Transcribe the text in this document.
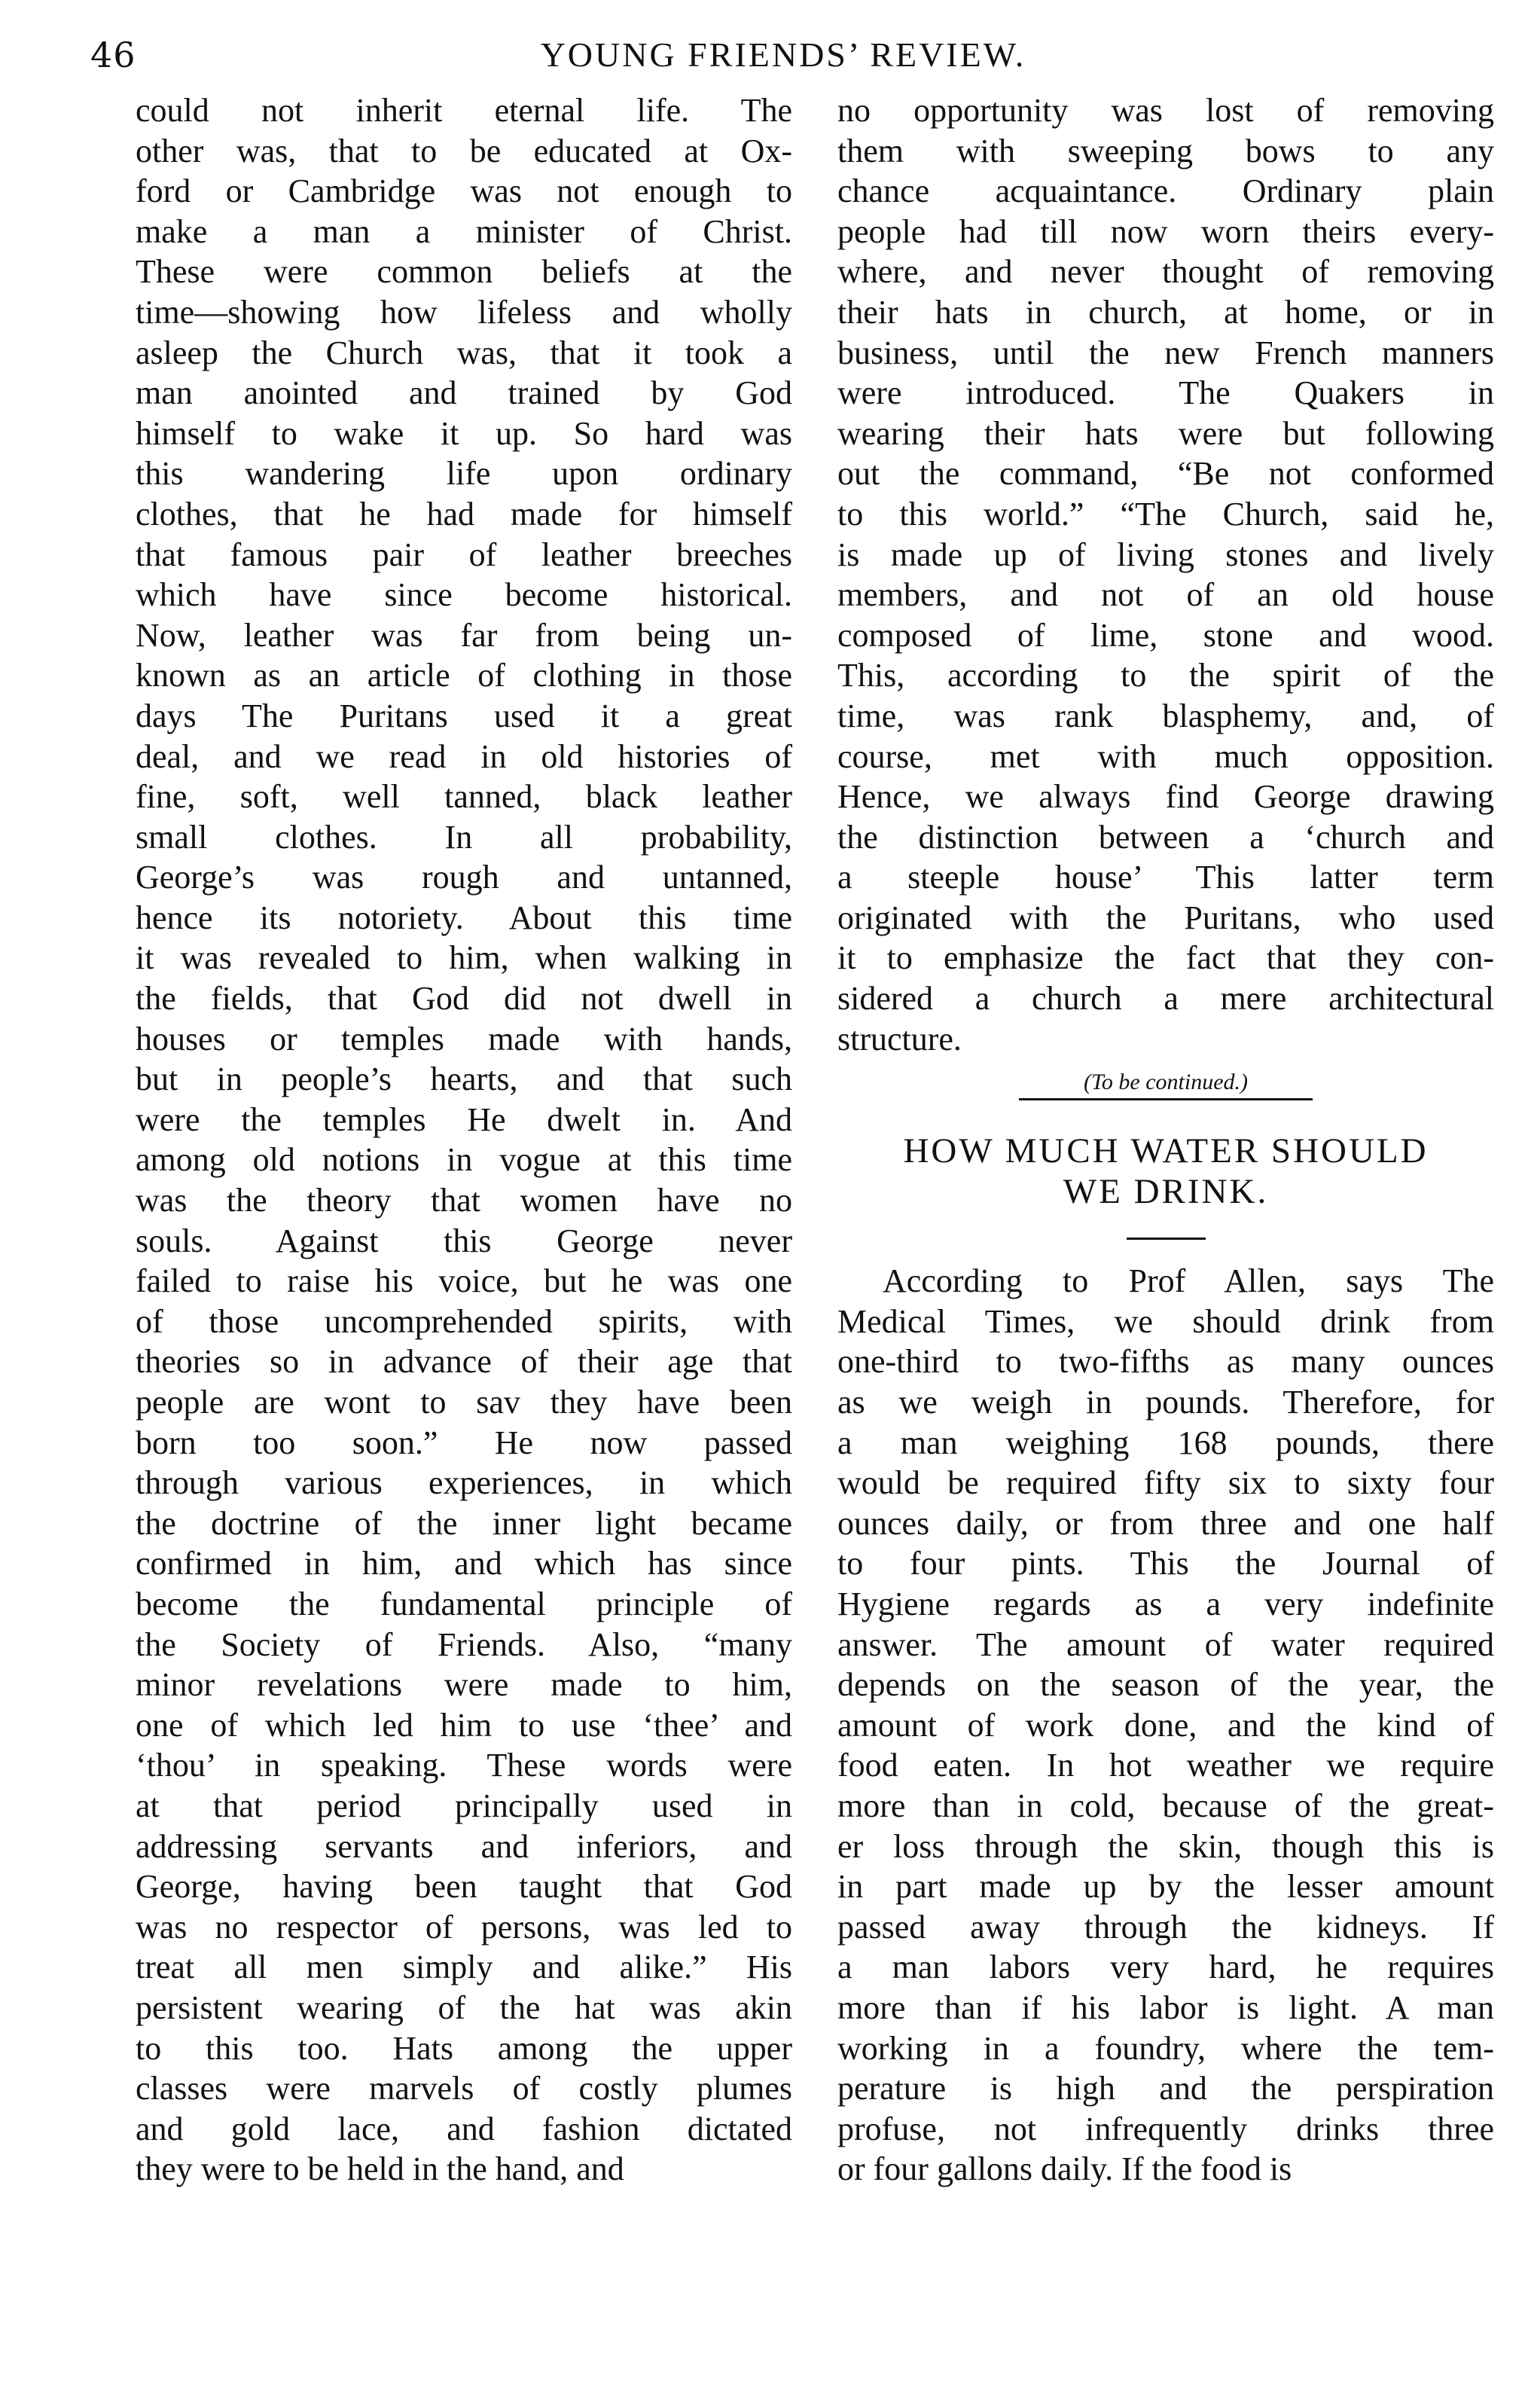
46	YOUNG FRIENDS’ REVIEW.
could not inherit eternal life. The
other was, that to be educated at Ox-
ford or Cambridge was not enough to
make a man a minister of Christ.
These were common beliefs at the
time—showing how lifeless and wholly
asleep the Church was, that it took a
man anointed and trained by God
himself to wake it up. So hard was
this wandering life upon ordinary
clothes, that he had made for himself
that famous pair of leather breeches
which have since become historical.
Now, leather was far from being un-
known as an article of clothing in those
days The Puritans used it a great
deal, and we read in old histories of
fine, soft, well tanned, black leather
small clothes. In all probability,
George’s was rough and untanned,
hence its notoriety. About this time
it was revealed to him, when walking in
the fields, that God did not dwell in
houses or temples made with hands,
but in people’s hearts, and that such
were the temples He dwelt in. And
among old notions in vogue at this time
was the theory that women have no
souls. Against this George never
failed to raise his voice, but he was one
of those uncomprehended spirits, with
theories so in advance of their age that
people are wont to sav they have been
born too soon.” He now passed
through various experiences, in which
the doctrine of the inner light became
confirmed in him, and which has since
become the fundamental principle of
the Society of Friends. Also, “many
minor revelations were made to him,
one of which led him to use ‘thee’ and
‘thou’ in speaking. These words were
at that period principally used in
addressing servants and inferiors, and
George, having been taught that God
was no respector of persons, was led to
treat all men simply and alike.” His
persistent wearing of the hat was akin
to this too. Hats among the upper
classes were marvels of costly plumes
and gold lace, and fashion dictated
they were to be held in the hand, and
no opportunity was lost of removing
them with sweeping bows to any
chance acquaintance. Ordinary plain
people had till now worn theirs every-
where, and never thought of removing
their hats in church, at home, or in
business, until the new French manners
were introduced. The Quakers in
wearing their hats were but following
out the command, “Be not conformed
to this world.” “The Church, said he,
is made up of living stones and lively
members, and not of an old house
composed of lime, stone and wood.
This, according to the spirit of the
time, was rank blasphemy, and, of
course, met with much opposition.
Hence, we always find George drawing
the distinction between a ‘church and
a steeple house’ This latter term
originated with the Puritans, who used
it to emphasize the fact that they con-
sidered a church a mere architectural
structure.
(To be continued.)
HOW MUCH WATER SHOULD
WE DRINK.
According to Prof Allen, says The
Medical Times, we should drink from
one-third to two-fifths as many ounces
as we weigh in pounds. Therefore, for
a man weighing 168 pounds, there
would be required fifty six to sixty four
ounces daily, or from three and one half
to four pints. This the Journal of
Hygiene regards as a very indefinite
answer. The amount of water required
depends on the season of the year, the
amount of work done, and the kind of
food eaten. In hot weather we require
more than in cold, because of the great-
er loss through the skin, though this is
in part made up by the lesser amount
passed away through the kidneys. If
a man labors very hard, he requires
more than if his labor is light. A man
working in a foundry, where the tem-
perature is high and the perspiration
profuse, not infrequently drinks three
or four gallons daily. If the food is
